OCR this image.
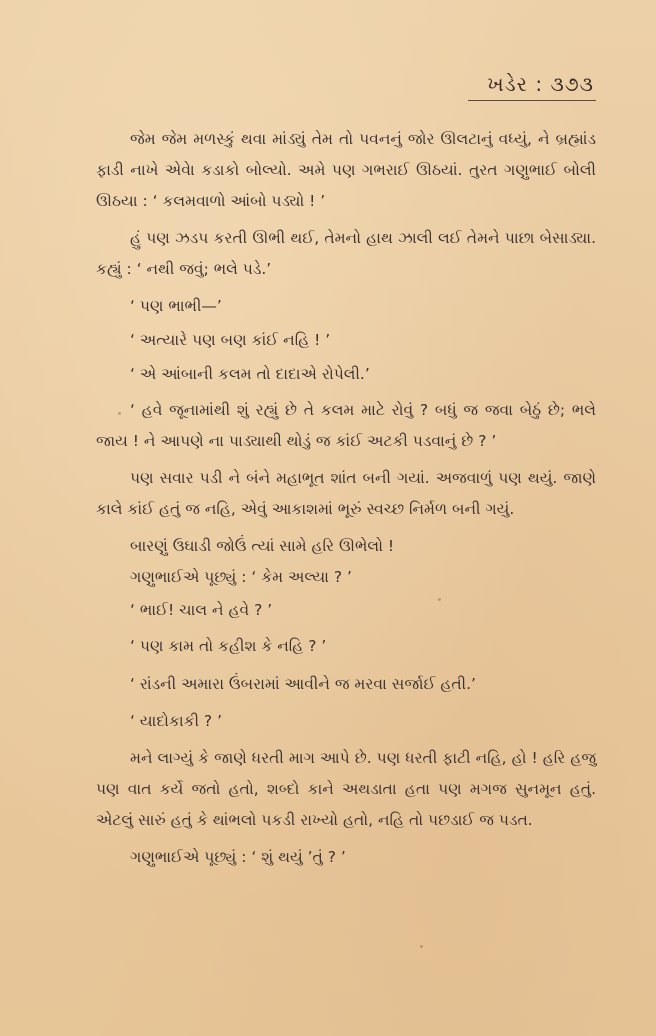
ખડેર : ૩૭૩

જેમ જેમ મળસ્કું થવા માંડ્યું તેમ તો પવનનું જોર ઊલટાનું વધ્યું, ને બ્રહ્માંડ ફાડી નાખે એવેા કડાકો બોલ્યો. અમે પણ ગભરાઈ ઊઠયાં. તુરત ગણુભાઈ બોલી ઊઠયા : ‘ કલમવાળો આંબો પડ્યો ! ’

હું પણ ઝડપ કરતી ઊભી થઈ, તેમનો હાથ ઝાલી લઈ તેમને પાછા બેસાડ્યા. કહ્યું : ‘ નથી જવું; ભલે પડે.’

‘ પણ ભાભી—’

‘ અત્યારે પણ બણ કાંઈ નહિ ! ’

‘ એ આંબાની કલમ તો દાદાએ રોપેલી.’

‘ હવે જૂનામાંથી શું રહ્યું છે તે કલમ માટે રોવું ? બધું જ જવા બેઠું છે; ભલે જાય ! ને આપણે ના પાડ્યાથી થોડું જ કાંઈ અટકી પડવાનું છે ? ’

પણ સવાર પડી ને બંને મહાભૂત શાંત બની ગયાં. અજવાળું પણ થયું. જાણે કાલે કાંઈ હતું જ નહિ, એવું આકાશમાં ભૂરું સ્વચ્છ નિર્મળ બની ગયું.

બારણું ઉઘાડી જોઉં ત્યાં સામે હરિ ઊભેલો !

ગણુભાઈએ પૂછ્યું : ‘ કેમ અલ્યા ? ’

‘ ભાઈ! ચાલ ને હવે ? ’

‘ પણ કામ તો કહીશ કે નહિ ? ’

‘ રાંડની અમારા ઉંબરામાં આવીને જ મરવા સર્જાઈ હતી.’

‘ યાદોકાકી ? ’

મને લાગ્યું કે જાણે ધરતી માગ આપે છે. પણ ધરતી ફાટી નહિ, હો ! હરિ હજુ પણ વાત કર્યે જતો હતો, શબ્દો કાને અથડાતા હતા પણ મગજ સુનમૂન હતું. એટલું સારું હતું કે થાંભલો પકડી રાખ્યો હતો, નહિ તો પછડાઈ જ પડત.

ગણુભાઈએ પૂછ્યું : ‘ શું થયું ’તું ? ’
